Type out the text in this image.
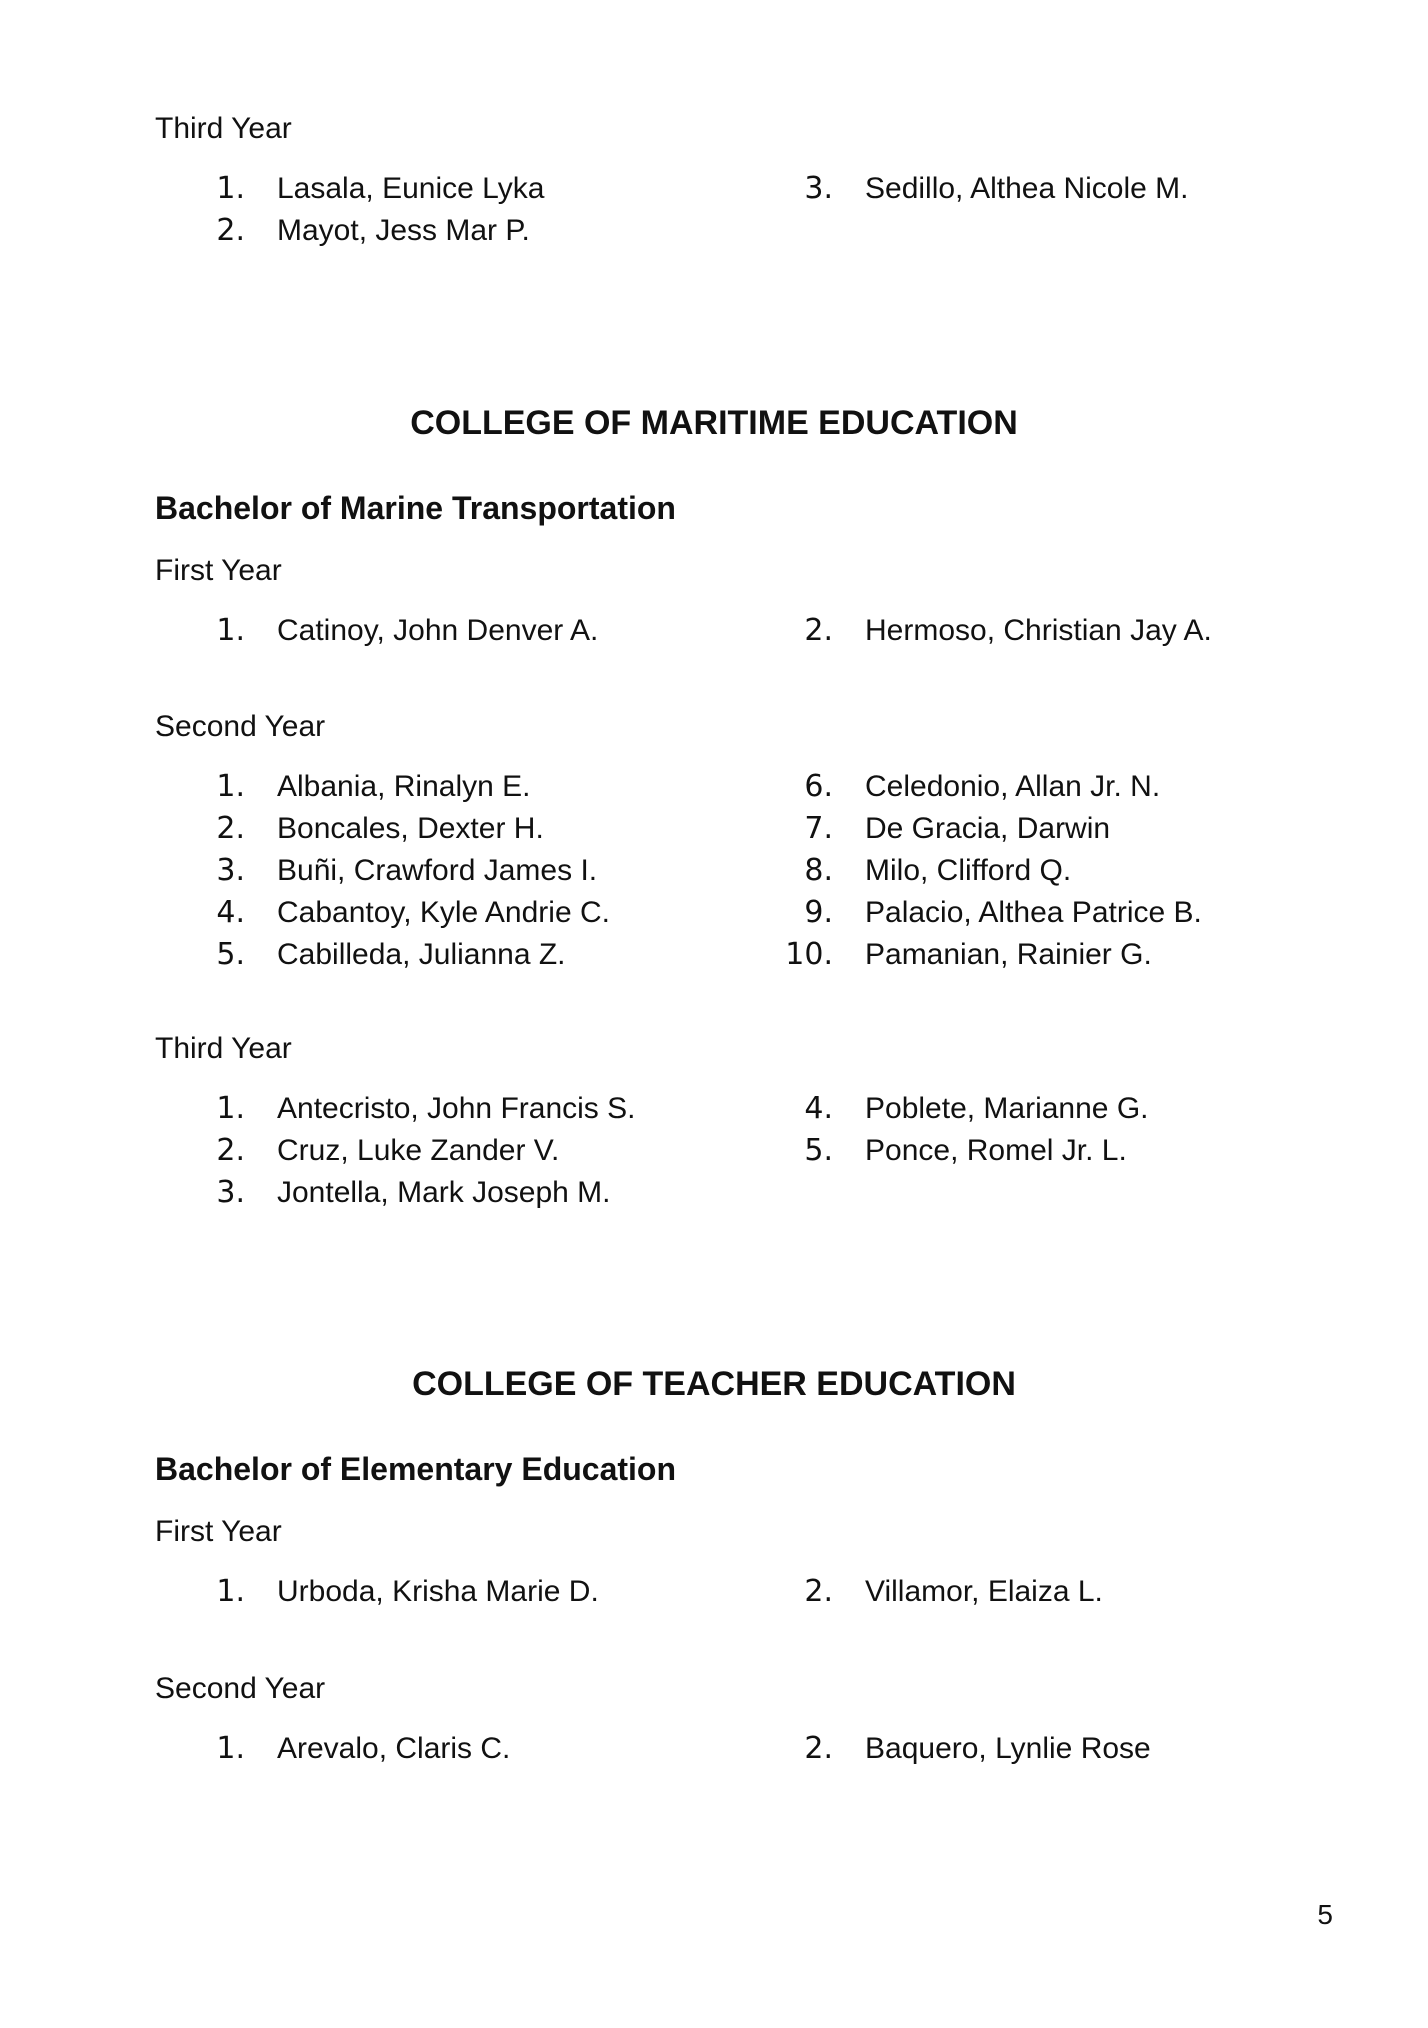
Third Year
1. Lasala, Eunice Lyka
2. Mayot, Jess Mar P.
3. Sedillo, Althea Nicole M.
COLLEGE OF MARITIME EDUCATION
Bachelor of Marine Transportation
First Year
1. Catinoy, John Denver A.	2. Hermoso, Christian Jay A.
Second Year
1. Albania, Rinalyn E.
2. Boncales, Dexter H.
3. Buñi, Crawford James I.
4. Cabantoy, Kyle Andrie C.
5. Cabilleda, Julianna Z.
6. Celedonio, Allan Jr. N.
7. De Gracia, Darwin
8. Milo, Clifford Q.
9. Palacio, Althea Patrice B.
10. Pamanian, Rainier G.
Third Year
1. Antecristo, John Francis S.
2. Cruz, Luke Zander V.
3. Jontella, Mark Joseph M.
4. Poblete, Marianne G.
5. Ponce, Romel Jr. L.
COLLEGE OF TEACHER EDUCATION
Bachelor of Elementary Education
First Year
1. Urboda, Krisha Marie D.	2. Villamor, Elaiza L.
Second Year
1. Arevalo, Claris C.	2. Baquero, Lynlie Rose
5
